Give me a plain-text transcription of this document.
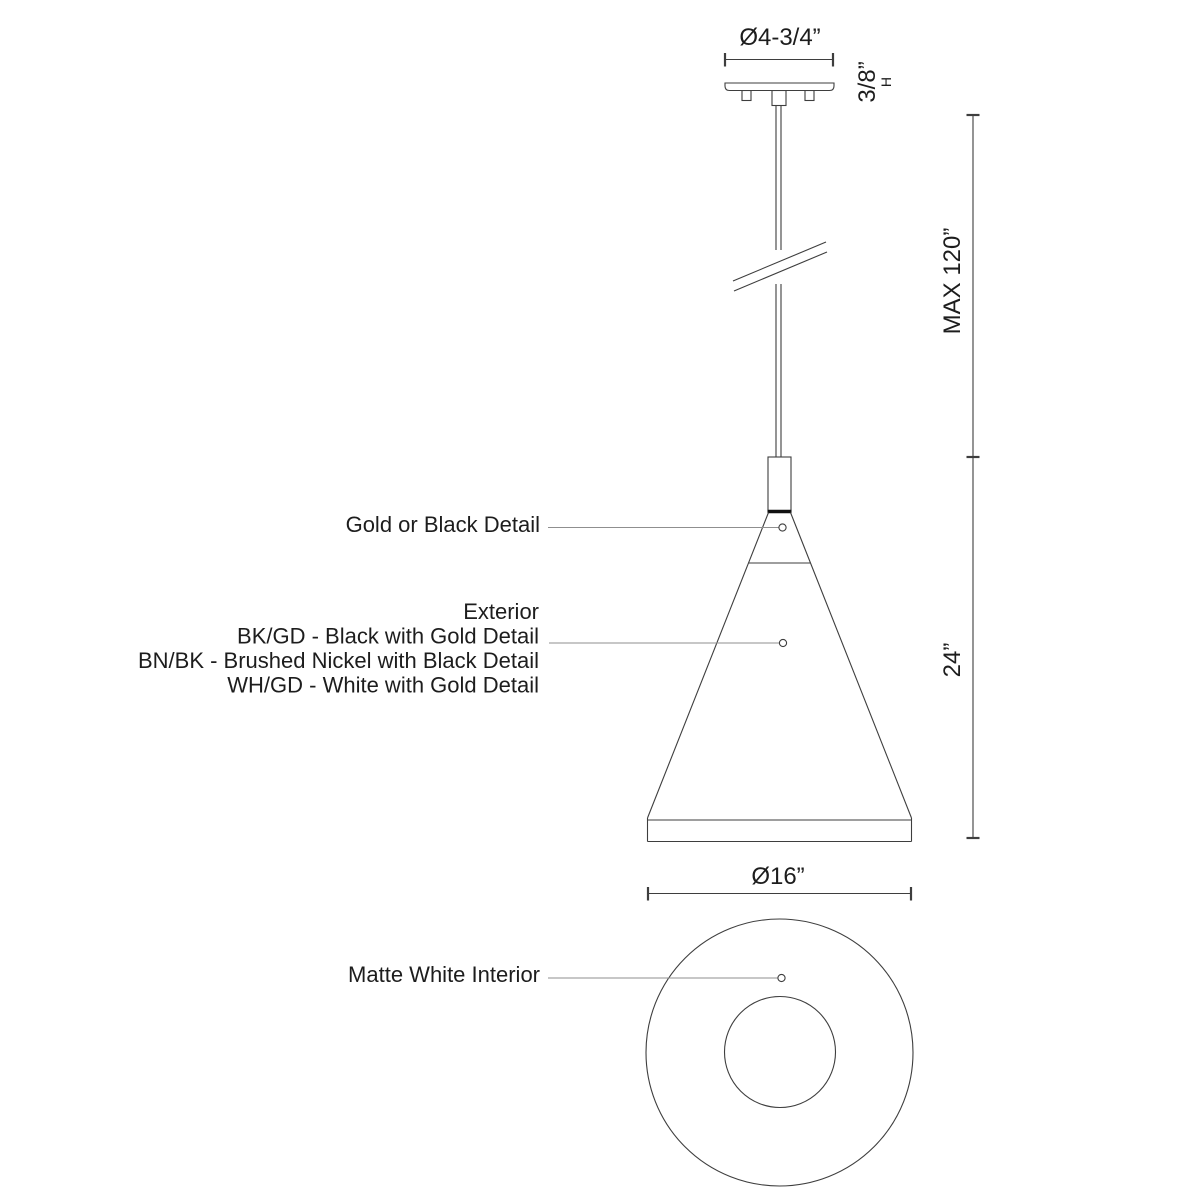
Ø4-3/4”
3/8”
H
Ø16”
MAX 120”
24”
Gold or Black Detail
Exterior
BK/GD - Black with Gold Detail
BN/BK - Brushed Nickel with Black Detail
WH/GD - White with Gold Detail
Matte White Interior
